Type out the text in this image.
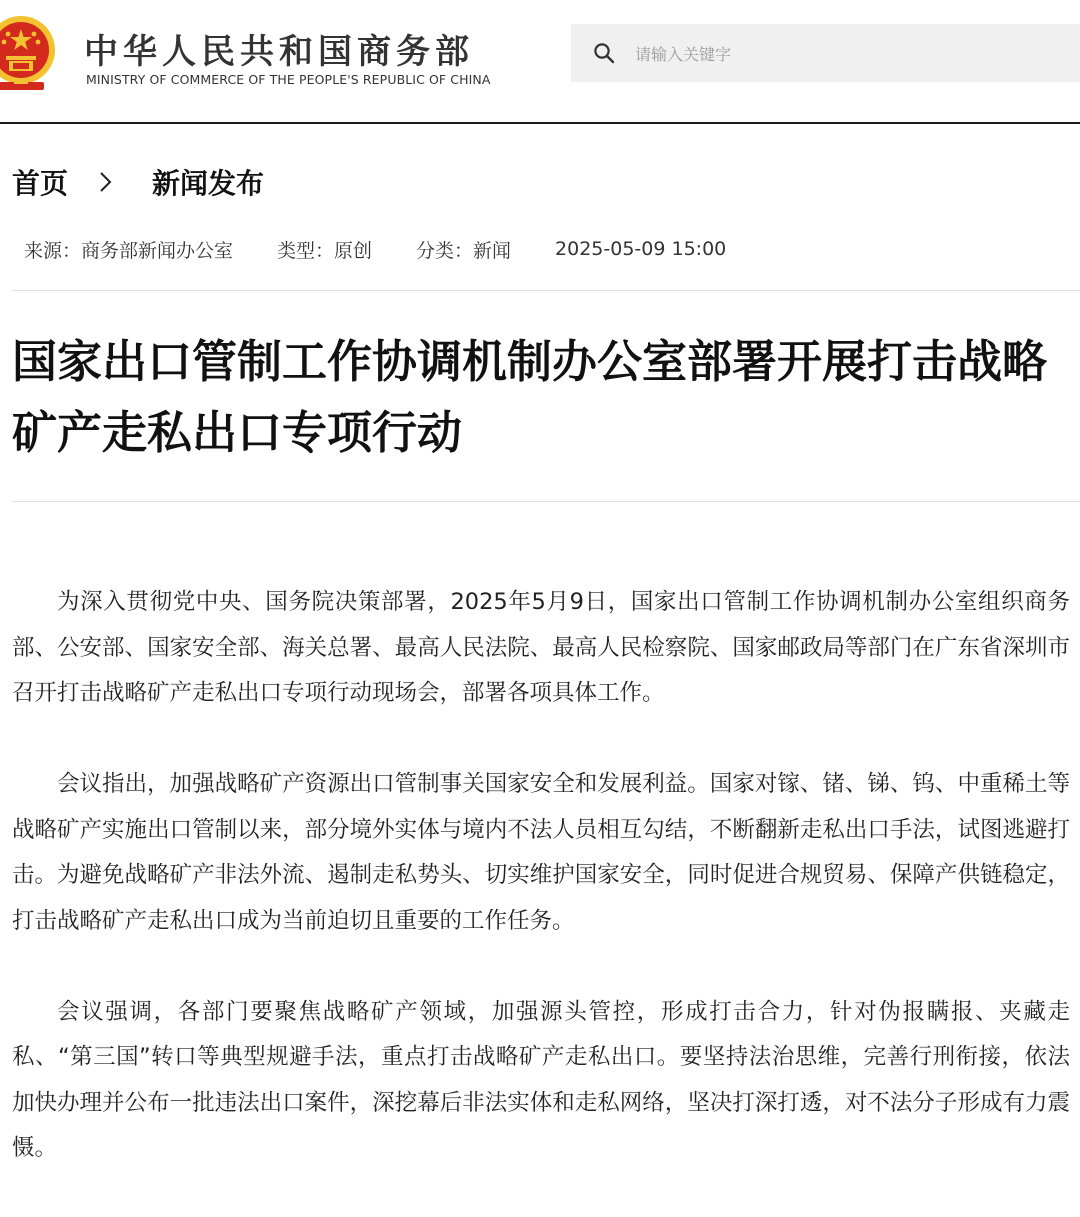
中华人民共和国商务部
MINISTRY OF COMMERCE OF THE PEOPLE'S REPUBLIC OF CHINA
请输入关键字
首页	新闻发布
来源：商务部新闻办公室 类型：原创 分类：新闻 2025-05-09 15:00
国家出口管制工作协调机制办公室部署开展打击战略矿产走私出口专项行动

为深入贯彻党中央、国务院决策部署，2025年5月9日，国家出口管制工作协调机制办公室组织商务部、公安部、国家安全部、海关总署、最高人民法院、最高人民检察院、国家邮政局等部门在广东省深圳市召开打击战略矿产走私出口专项行动现场会，部署各项具体工作。

会议指出，加强战略矿产资源出口管制事关国家安全和发展利益。国家对镓、锗、锑、钨、中重稀土等战略矿产实施出口管制以来，部分境外实体与境内不法人员相互勾结，不断翻新走私出口手法，试图逃避打击。为避免战略矿产非法外流、遏制走私势头、切实维护国家安全，同时促进合规贸易、保障产供链稳定，打击战略矿产走私出口成为当前迫切且重要的工作任务。

会议强调，各部门要聚焦战略矿产领域，加强源头管控，形成打击合力，针对伪报瞒报、夹藏走私、“第三国”转口等典型规避手法，重点打击战略矿产走私出口。要坚持法治思维，完善行刑衔接，依法加快办理并公布一批违法出口案件，深挖幕后非法实体和走私网络，坚决打深打透，对不法分子形成有力震慑。
